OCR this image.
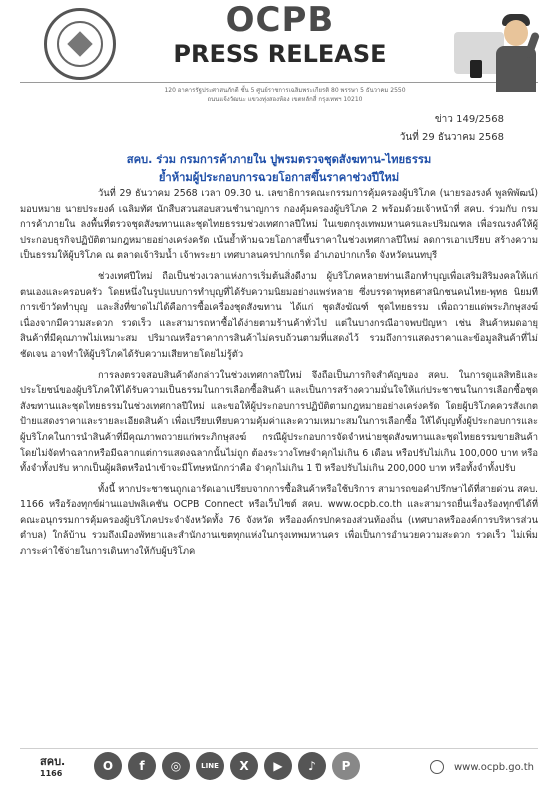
OCPB
PRESS RELEASE
120 อาคารรัฐประศาสนภักดี ชั้น 5 ศูนย์ราชการเฉลิมพระเกียรติ 80 พรรษา 5 ธันวาคม 2550
ถนนแจ้งวัฒนะ แขวงทุ่งสองห้อง เขตหลักสี่ กรุงเทพฯ 10210
ข่าว 149/2568
วันที่ 29 ธันวาคม 2568
สคบ. ร่วม กรมการค้าภายใน ปูพรมตรวจชุดสังฆทาน-ไทยธรรม
ย้ำห้ามผู้ประกอบการฉวยโอกาสขึ้นราคาช่วงปีใหม่

วันที่ 29 ธันวาคม 2568 เวลา 09.30 น. เลขาธิการคณะกรรมการคุ้มครองผู้บริโภค (นายรองรงค์ พูลพิพัฒน์) มอบหมาย นายประยงค์ เฉลิมทัศ นักสืบสวนสอบสวนชำนาญการ กองคุ้มครองผู้บริโภค 2 พร้อมด้วยเจ้าหน้าที่ สคบ. ร่วมกับ กรมการค้าภายใน ลงพื้นที่ตรวจชุดสังฆทานและชุดไทยธรรมช่วงเทศกาลปีใหม่ ในเขตกรุงเทพมหานครและปริมณฑล เพื่อรณรงค์ให้ผู้ประกอบธุรกิจปฏิบัติตามกฎหมายอย่างเคร่งครัด เน้นย้ำห้ามฉวยโอกาสขึ้นราคาในช่วงเทศกาลปีใหม่ ลดการเอาเปรียบ สร้างความเป็นธรรมให้ผู้บริโภค ณ ตลาดเจ้าริมน้ำ เจ้าพระยา เทศบาลนครปากเกร็ด อำเภอปากเกร็ด จังหวัดนนทบุรี

ช่วงเทศปีใหม่ ถือเป็นช่วงเวลาแห่งการเริ่มต้นสิ่งดีงาม ผู้บริโภคหลายท่านเลือกทำบุญเพื่อเสริมสิริมงคลให้แก่ตนเองและครอบครัว โดยหนึ่งในรูปแบบการทำบุญที่ได้รับความนิยมอย่างแพร่หลาย ซึ่งบรรดาพุทธศาสนิกชนคนไทย-พุทธ นิยมทีการเข้าวัดทำบุญ และสิ่งที่ขาดไม่ได้คือการซื้อเครื่องชุดสังฆทาน ได้แก่ ชุดสังฆัณฑ์ ชุดไทยธรรม เพื่อถวายแด่พระภิกษุสงฆ์ เนื่องจากมีความสะดวก รวดเร็ว และสามารถหาซื้อได้ง่ายตามร้านค้าทั่วไป แต่ในบางกรณีอาจพบปัญหา เช่น สินค้าหมดอายุ สินค้าที่มีคุณภาพไม่เหมาะสม ปริมาณหรือราคาการสินค้าไม่ครบถ้วนตามที่แสดงไว้ รวมถึงการแสดงราคาและข้อมูลสินค้าที่ไม่ชัดเจน อาจทำให้ผู้บริโภคได้รับความเสียหายโดยไม่รู้ตัว

การลงตรวจสอบสินค้าดังกล่าวในช่วงเทศกาลปีใหม่ จึงถือเป็นภารกิจสำคัญของ สคบ. ในการดูแลสิทธิและประโยชน์ของผู้บริโภคให้ได้รับความเป็นธรรมในการเลือกซื้อสินค้า และเป็นการสร้างความมั่นใจให้แก่ประชาชนในการเลือกซื้อชุดสังฆทานและชุดไทยธรรมในช่วงเทศกาลปีใหม่ และขอให้ผู้ประกอบการปฏิบัติตามกฎหมายอย่างเคร่งครัด โดยผู้บริโภคควรสังเกตป้ายแสดงราคาและรายละเอียดสินค้า เพื่อเปรียบเทียบความคุ้มค่าและความเหมาะสมในการเลือกซื้อ ให้ได้บุญทั้งผู้ประกอบการและผู้บริโภคในการนำสินค้าที่มีคุณภาพถวายแก่พระภิกษุสงฆ์ กรณีผู้ประกอบการจัดจำหน่ายชุดสังฆทานและชุดไทยธรรมขายสินค้าโดยไม่จัดทำฉลากหรือมีฉลากแต่การแสดงฉลากนั้นไม่ถูก ต้องระวางโทษจำคุกไม่เกิน 6 เดือน หรือปรับไม่เกิน 100,000 บาท หรือทั้งจำทั้งปรับ หากเป็นผู้ผลิตหรือนำเข้าจะมีโทษหนักกว่าคือ จำคุกไม่เกิน 1 ปี หรือปรับไม่เกิน 200,000 บาท หรือทั้งจำทั้งปรับ

ทั้งนี้ หากประชาชนถูกเอารัดเอาเปรียบจากการซื้อสินค้าหรือใช้บริการ สามารถขอคำปรึกษาได้ที่สายด่วน สคบ. 1166 หรือร้องทุกข์ผ่านแอปพลิเคชัน OCPB Connect หรือเว็บไซต์ สคบ. www.ocpb.co.th และสามารถยื่นเรื่องร้องทุกข์ได้ที่ คณะอนุกรรมการคุ้มครองผู้บริโภคประจำจังหวัดทั้ง 76 จังหวัด หรือองค์กรปกครองส่วนท้องถิ่น (เทศบาลหรือองค์การบริหารส่วนตำบล) ใกล้บ้าน รวมถึงเมืองพัทยาและสำนักงานเขตทุกแห่งในกรุงเทพมหานคร เพื่อเป็นการอำนวยความสะดวก รวดเร็ว ไม่เพิ่มภาระค่าใช้จ่ายในการเดินทางให้กับผู้บริโภค

สคบ.
1166
O	f	◎	LINE	X	▶	♪	P	www.ocpb.go.th
